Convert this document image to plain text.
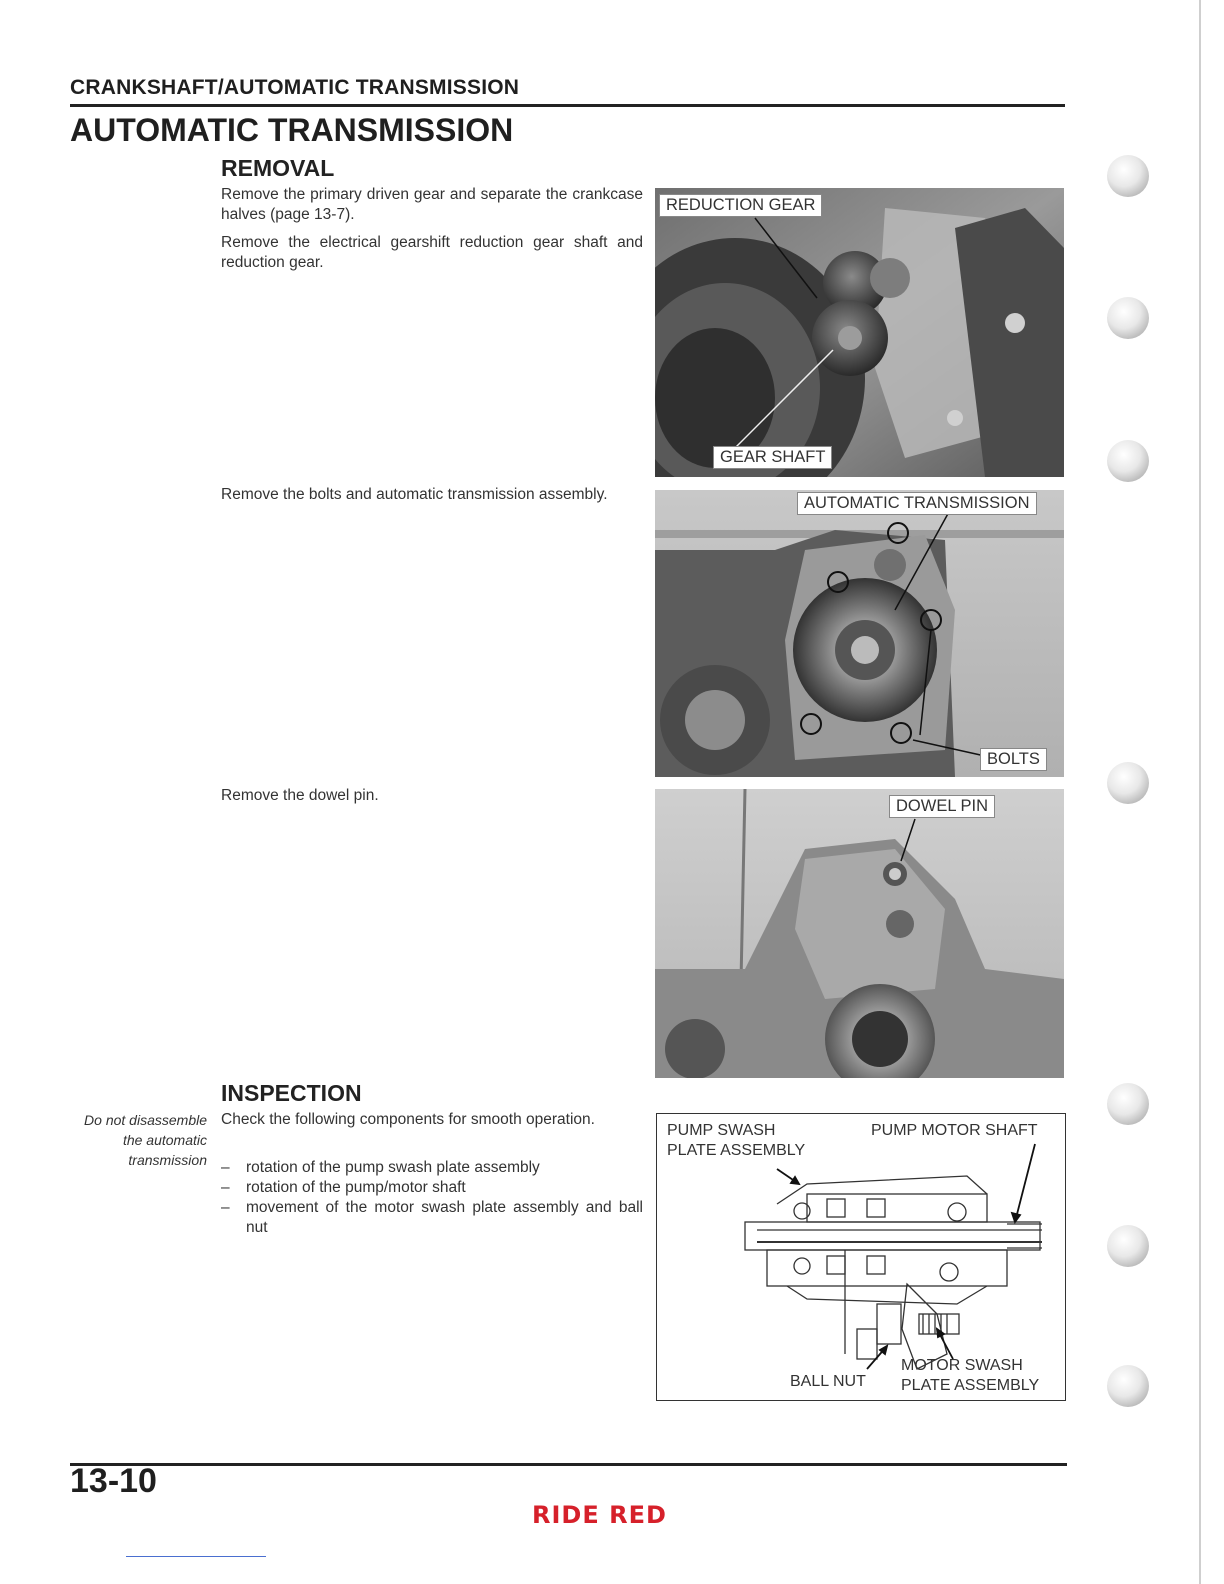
CRANKSHAFT/AUTOMATIC TRANSMISSION
AUTOMATIC TRANSMISSION
REMOVAL
Remove the primary driven gear and separate the crankcase halves (page 13-7).
Remove the electrical gearshift reduction gear shaft and reduction gear.
Remove the bolts and automatic transmission assembly.
Remove the dowel pin.
REDUCTION GEAR
GEAR SHAFT
AUTOMATIC TRANSMISSION
BOLTS
DOWEL PIN
INSPECTION
Do not disassemble the automatic transmission
Check the following components for smooth operation.
– rotation of the pump swash plate assembly
– rotation of the pump/motor shaft
– movement of the motor swash plate assembly and ball nut
PUMP SWASH
PLATE ASSEMBLY
PUMP MOTOR SHAFT
BALL NUT
MOTOR SWASH
PLATE ASSEMBLY
13-10
RIDE RED
